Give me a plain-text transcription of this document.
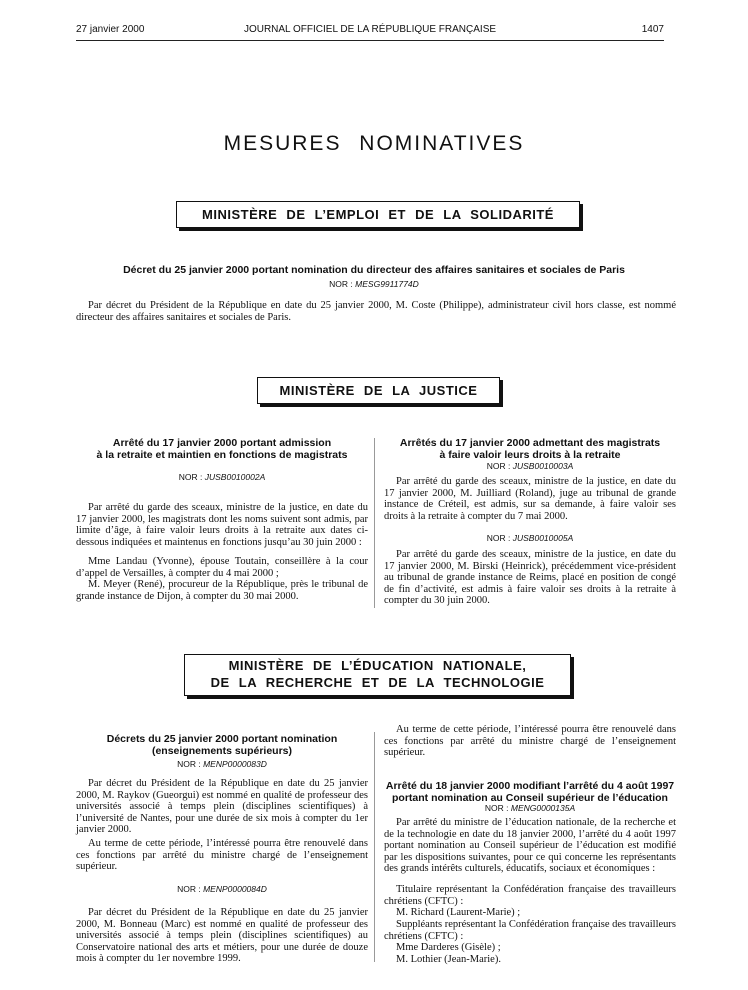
27 janvier 2000	JOURNAL OFFICIEL DE LA RÉPUBLIQUE FRANÇAISE	1407
MESURES NOMINATIVES
MINISTÈRE DE L’EMPLOI ET DE LA SOLIDARITÉ
Décret du 25 janvier 2000 portant nomination du directeur des affaires sanitaires et sociales de Paris
NOR : MESG9911774D

Par décret du Président de la République en date du 25 janvier 2000, M. Coste (Philippe), administrateur civil hors classe, est nommé directeur des affaires sanitaires et sociales de Paris.

MINISTÈRE DE LA JUSTICE
Arrêté du 17 janvier 2000 portant admission
à la retraite et maintien en fonctions de magistrats
NOR : JUSB0010002A

Par arrêté du garde des sceaux, ministre de la justice, en date du 17 janvier 2000, les magistrats dont les noms suivent sont admis, par limite d’âge, à faire valoir leurs droits à la retraite aux dates ci-dessous indiquées et maintenus en fonctions jusqu’au 30 juin 2000 :

Mme Landau (Yvonne), épouse Toutain, conseillère à la cour d’appel de Versailles, à compter du 4 mai 2000 ;

M. Meyer (René), procureur de la République, près le tribunal de grande instance de Dijon, à compter du 30 mai 2000.

Arrêtés du 17 janvier 2000 admettant des magistrats
à faire valoir leurs droits à la retraite
NOR : JUSB0010003A

Par arrêté du garde des sceaux, ministre de la justice, en date du 17 janvier 2000, M. Juilliard (Roland), juge au tribunal de grande instance de Créteil, est admis, sur sa demande, à faire valoir ses droits à la retraite à compter du 7 mai 2000.

NOR : JUSB0010005A

Par arrêté du garde des sceaux, ministre de la justice, en date du 17 janvier 2000, M. Birski (Heinrick), précédemment vice-président au tribunal de grande instance de Reims, placé en position de congé de fin d’activité, est admis à faire valoir ses droits à la retraite à compter du 30 juin 2000.

MINISTÈRE DE L’ÉDUCATION NATIONALE,
DE LA RECHERCHE ET DE LA TECHNOLOGIE
Décrets du 25 janvier 2000 portant nomination
(enseignements supérieurs)
NOR : MENP0000083D

Par décret du Président de la République en date du 25 janvier 2000, M. Raykov (Gueorgui) est nommé en qualité de professeur des universités associé à temps plein (disciplines scientifiques) à l’université de Nantes, pour une durée de six mois à compter du 1er janvier 2000.

Au terme de cette période, l’intéressé pourra être renouvelé dans ces fonctions par arrêté du ministre chargé de l’enseignement supérieur.

NOR : MENP0000084D

Par décret du Président de la République en date du 25 janvier 2000, M. Bonneau (Marc) est nommé en qualité de professeur des universités associé à temps plein (disciplines scientifiques) au Conservatoire national des arts et métiers, pour une durée de douze mois à compter du 1er novembre 1999.

Au terme de cette période, l’intéressé pourra être renouvelé dans ces fonctions par arrêté du ministre chargé de l’enseignement supérieur.

Arrêté du 18 janvier 2000 modifiant l’arrêté du 4 août 1997
portant nomination au Conseil supérieur de l’éducation
NOR : MENG0000135A

Par arrêté du ministre de l’éducation nationale, de la recherche et de la technologie en date du 18 janvier 2000, l’arrêté du 4 août 1997 portant nomination au Conseil supérieur de l’éducation est modifié par les dispositions suivantes, pour ce qui concerne les représentants des grands intérêts culturels, éducatifs, sociaux et économiques :

Titulaire représentant la Confédération française des travailleurs chrétiens (CFTC) :

M. Richard (Laurent-Marie) ;

Suppléants représentant la Confédération française des travailleurs chrétiens (CFTC) :

Mme Darderes (Gisèle) ;

M. Lothier (Jean-Marie).
